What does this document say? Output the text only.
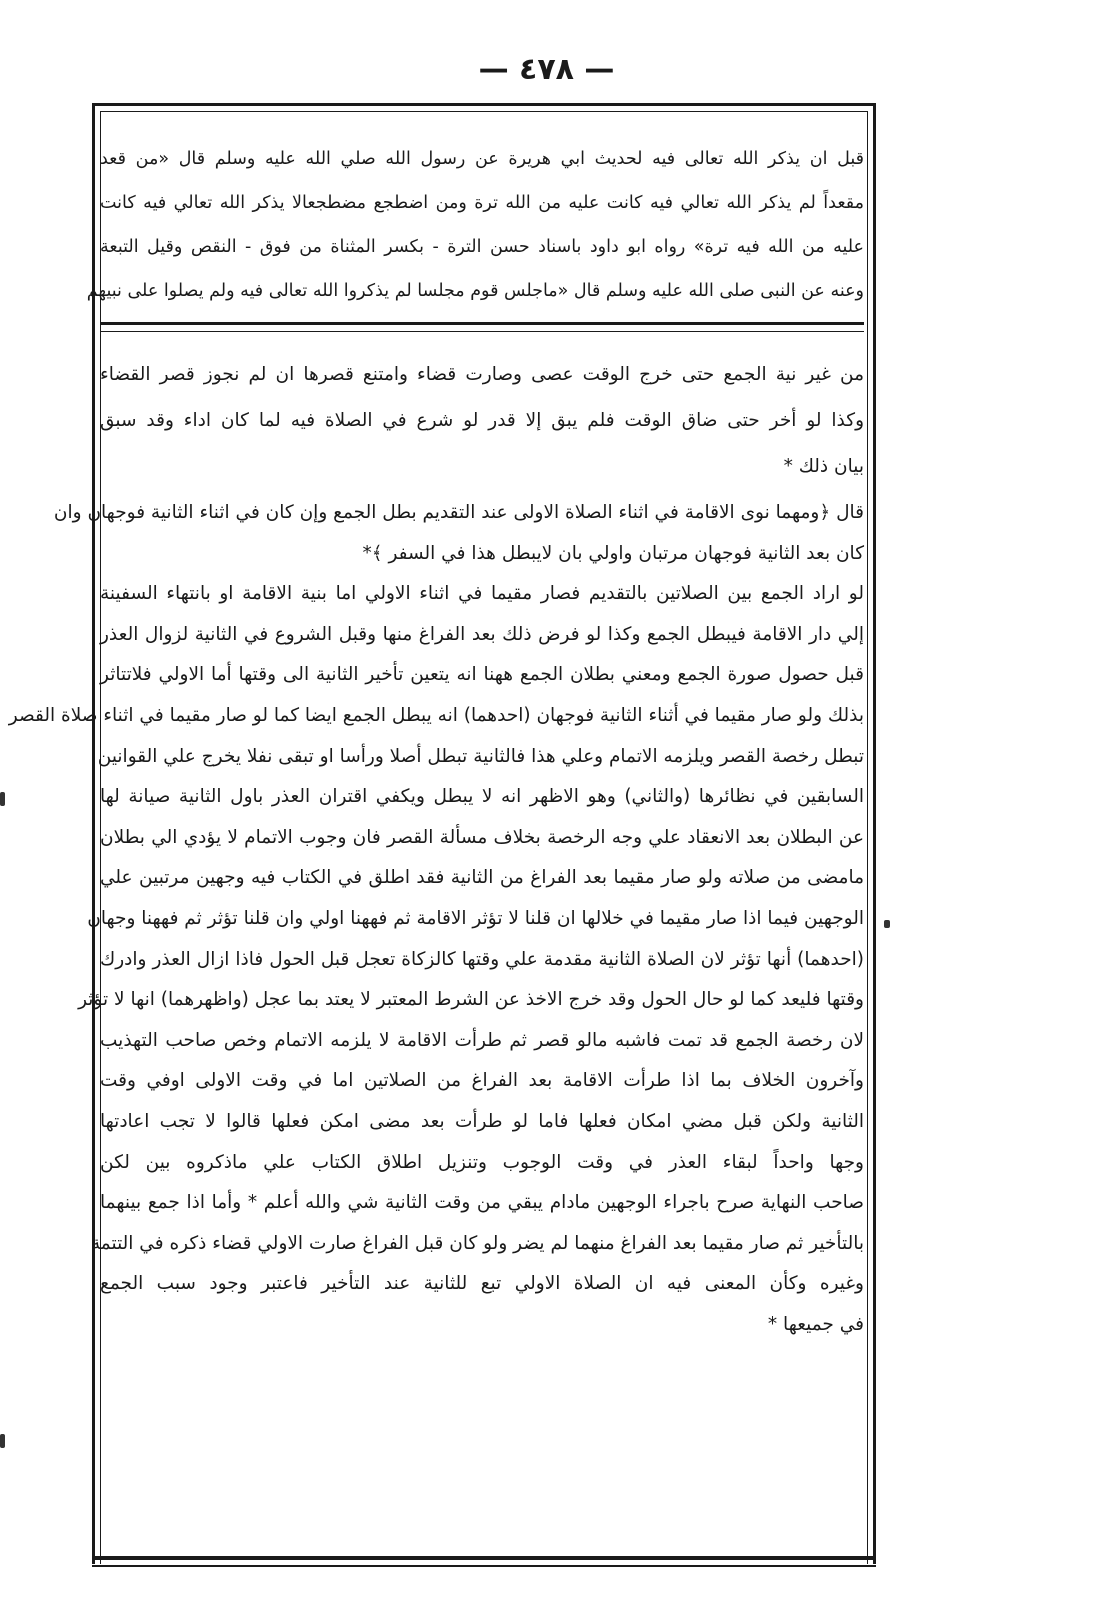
— ٤٧٨ —
قبل ان يذكر الله تعالى فيه لحديث ابي هريرة عن رسول الله صلي الله عليه وسلم قال «من قعد
مقعداً لم يذكر الله تعالي فيه كانت عليه من الله ترة ومن اضطجع مضطجعالا يذكر الله تعالي فيه كانت
عليه من الله فيه ترة» رواه ابو داود باسناد حسن الترة - بكسر المثناة من فوق - النقص وقيل التبعة
وعنه عن النبى صلى الله عليه وسلم قال «ماجلس قوم مجلسا لم يذكروا الله تعالى فيه ولم يصلوا على نبيهم
من غير نية الجمع حتى خرج الوقت عصى وصارت قضاء وامتنع قصرها ان لم نجوز قصر القضاء
وكذا لو أخر حتى ضاق الوقت فلم يبق إلا قدر لو شرع في الصلاة فيه لما كان اداء وقد سبق
بيان ذلك *
قال ﴿ومهما نوى الاقامة في اثناء الصلاة الاولى عند التقديم بطل الجمع وإن كان في اثناء الثانية فوجهان وان
كان بعد الثانية فوجهان مرتبان واولي بان لايبطل هذا في السفر ﴾*
لو اراد الجمع بين الصلاتين بالتقديم فصار مقيما في اثناء الاولي اما بنية الاقامة او بانتهاء السفينة
إلي دار الاقامة فيبطل الجمع وكذا لو فرض ذلك بعد الفراغ منها وقبل الشروع في الثانية لزوال العذر
قبل حصول صورة الجمع ومعني بطلان الجمع ههنا انه يتعين تأخير الثانية الى وقتها أما الاولي فلاتتاثر
بذلك ولو صار مقيما في أثناء الثانية فوجهان (احدهما) انه يبطل الجمع ايضا كما لو صار مقيما في اثناء صلاة القصر
تبطل رخصة القصر ويلزمه الاتمام وعلي هذا فالثانية تبطل أصلا ورأسا او تبقى نفلا يخرج علي القوانين
السابقين في نظائرها (والثاني) وهو الاظهر انه لا يبطل ويكفي اقتران العذر باول الثانية صيانة لها
عن البطلان بعد الانعقاد علي وجه الرخصة بخلاف مسألة القصر فان وجوب الاتمام لا يؤدي الي بطلان
مامضى من صلاته ولو صار مقيما بعد الفراغ من الثانية فقد اطلق في الكتاب فيه وجهين مرتبين علي
الوجهين فيما اذا صار مقيما في خلالها ان قلنا لا تؤثر الاقامة ثم فههنا اولي وان قلنا تؤثر ثم فههنا وجهان
(احدهما) أنها تؤثر لان الصلاة الثانية مقدمة علي وقتها كالزكاة تعجل قبل الحول فاذا ازال العذر وادرك
وقتها فليعد كما لو حال الحول وقد خرج الاخذ عن الشرط المعتبر لا يعتد بما عجل (واظهرهما) انها لا تؤثر
لان رخصة الجمع قد تمت فاشبه مالو قصر ثم طرأت الاقامة لا يلزمه الاتمام وخص صاحب التهذيب
وآخرون الخلاف بما اذا طرأت الاقامة بعد الفراغ من الصلاتين اما في وقت الاولى اوفي وقت
الثانية ولكن قبل مضي امكان فعلها فاما لو طرأت بعد مضى امكن فعلها قالوا لا تجب اعادتها
وجها واحداً لبقاء العذر في وقت الوجوب وتنزيل اطلاق الكتاب علي ماذكروه بين لكن
صاحب النهاية صرح باجراء الوجهين مادام يبقي من وقت الثانية شي والله أعلم * وأما اذا جمع بينهما
بالتأخير ثم صار مقيما بعد الفراغ منهما لم يضر ولو كان قبل الفراغ صارت الاولي قضاء ذكره في التتمة
وغيره وكأن المعنى فيه ان الصلاة الاولي تبع للثانية عند التأخير فاعتبر وجود سبب الجمع
في جميعها *
